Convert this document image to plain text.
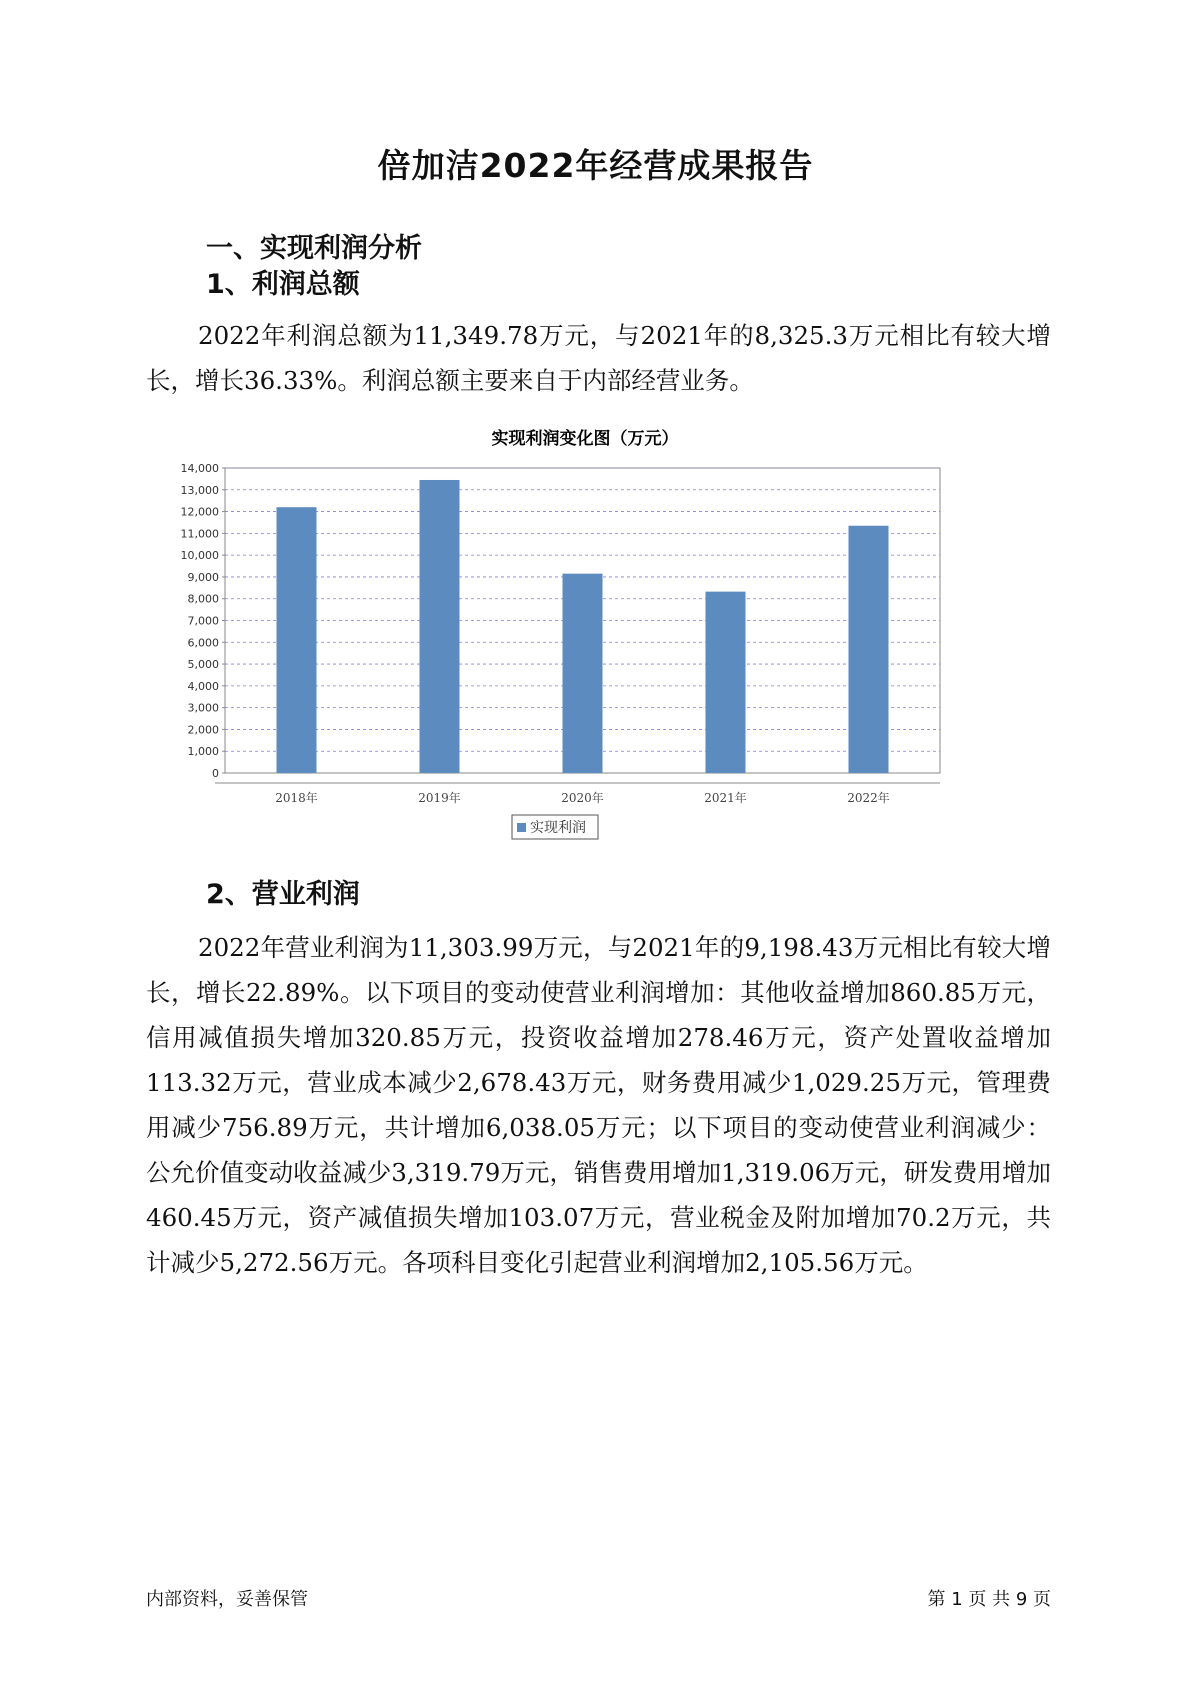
倍加洁2022年经营成果报告
一、实现利润分析
1、利润总额

2022年利润总额为11,349.78万元，与2021年的8,325.3万元相比有较大增长，增长36.33%。利润总额主要来自于内部经营业务。

实现利润变化图（万元）
0
1,000
2,000
3,000
4,000
5,000
6,000
7,000
8,000
9,000
10,000
11,000
12,000
13,000
14,000
2018年	2019年	2020年	2021年	2022年
实现利润
2、营业利润

2022年营业利润为11,303.99万元，与2021年的9,198.43万元相比有较大增长，增长22.89%。以下项目的变动使营业利润增加：其他收益增加860.85万元，信用减值损失增加320.85万元，投资收益增加278.46万元，资产处置收益增加113.32万元，营业成本减少2,678.43万元，财务费用减少1,029.25万元，管理费用减少756.89万元，共计增加6,038.05万元；以下项目的变动使营业利润减少：公允价值变动收益减少3,319.79万元，销售费用增加1,319.06万元，研发费用增加460.45万元，资产减值损失增加103.07万元，营业税金及附加增加70.2万元，共计减少5,272.56万元。各项科目变化引起营业利润增加2,105.56万元。

内部资料，妥善保管	第 1 页 共 9 页
